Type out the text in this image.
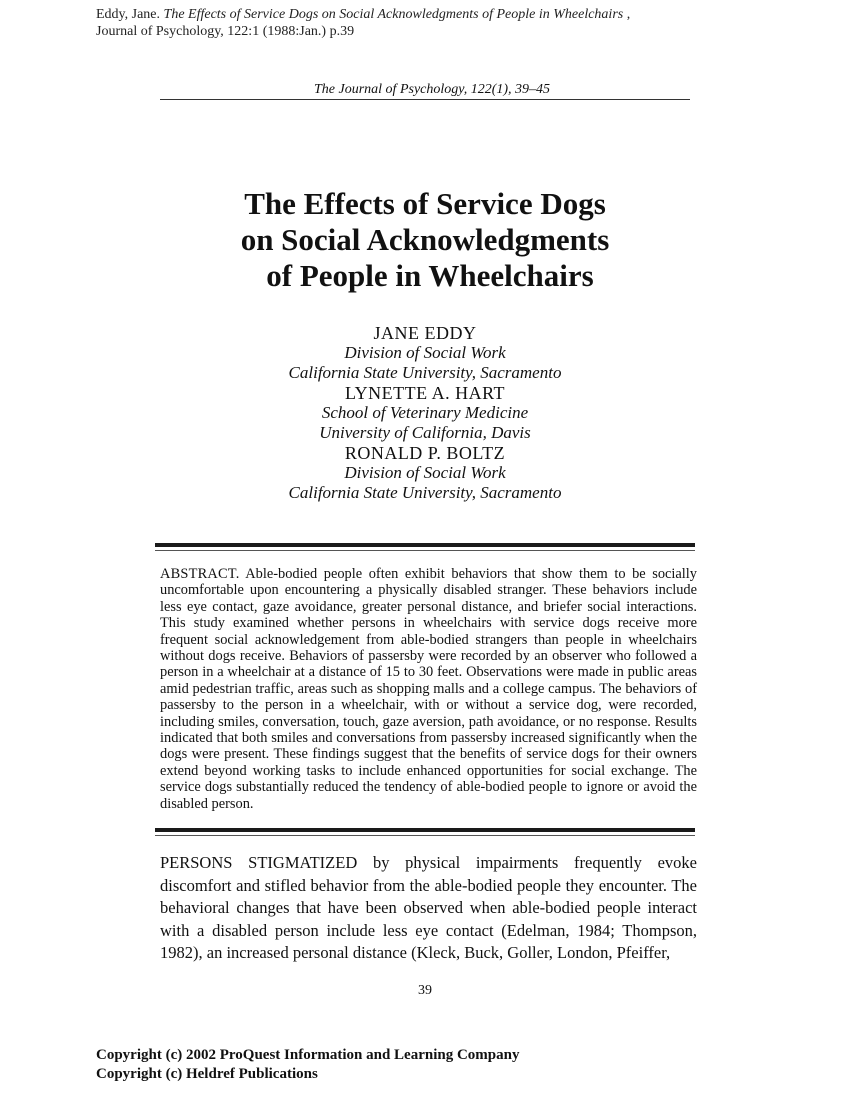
Eddy, Jane. The Effects of Service Dogs on Social Acknowledgments of People in Wheelchairs ,
Journal of Psychology, 122:1 (1988:Jan.) p.39
The Journal of Psychology, 122(1), 39–45
The Effects of Service Dogs
on Social Acknowledgments
of People in Wheelchairs
JANE EDDY
Division of Social Work
California State University, Sacramento
LYNETTE A. HART
School of Veterinary Medicine
University of California, Davis
RONALD P. BOLTZ
Division of Social Work
California State University, Sacramento
ABSTRACT. Able-bodied people often exhibit behaviors that show them to be socially uncomfortable upon encountering a physically disabled stranger. These behaviors include less eye contact, gaze avoidance, greater personal distance, and briefer social interactions. This study examined whether persons in wheelchairs with service dogs receive more frequent social acknowledgement from able-bodied strangers than people in wheelchairs without dogs receive. Behaviors of passersby were recorded by an observer who followed a person in a wheelchair at a distance of 15 to 30 feet. Observations were made in public areas amid pedestrian traffic, areas such as shopping malls and a college campus. The behaviors of passersby to the person in a wheelchair, with or without a service dog, were recorded, including smiles, conversation, touch, gaze aversion, path avoidance, or no response. Results indicated that both smiles and conversations from passersby increased significantly when the dogs were present. These findings suggest that the benefits of service dogs for their owners extend beyond working tasks to include enhanced opportunities for social exchange. The service dogs substantially reduced the tendency of able-bodied people to ignore or avoid the disabled person.
PERSONS STIGMATIZED by physical impairments frequently evoke discomfort and stifled behavior from the able-bodied people they encounter. The behavioral changes that have been observed when able-bodied people interact with a disabled person include less eye contact (Edelman, 1984; Thompson, 1982), an increased personal distance (Kleck, Buck, Goller, London, Pfeiffer,
39
Copyright (c) 2002 ProQuest Information and Learning Company
Copyright (c) Heldref Publications
